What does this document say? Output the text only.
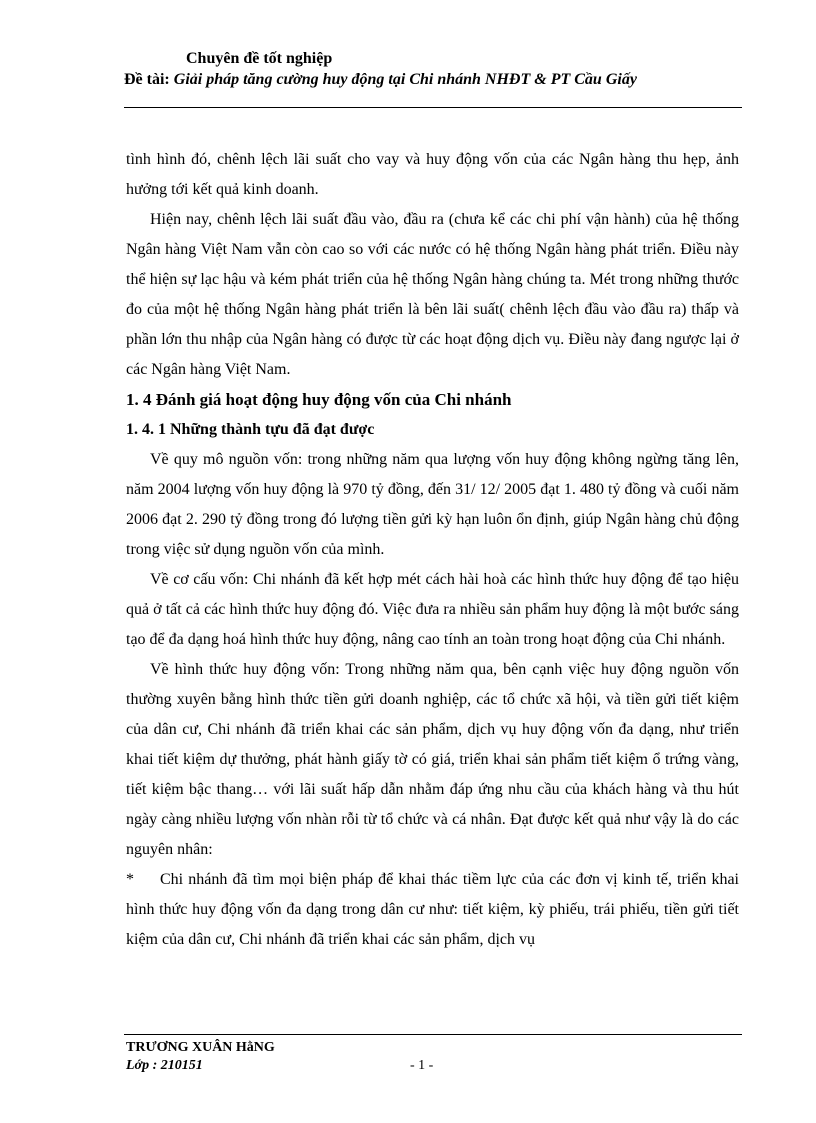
Chuyên đề tốt nghiệp
Đề tài: Giải pháp tăng cường huy động tại Chi nhánh NHĐT & PT Cầu Giấy

tình hình đó, chênh lệch lãi suất cho vay và huy động vốn của các Ngân hàng thu hẹp, ảnh hưởng tới kết quả kinh doanh.

Hiện nay, chênh lệch lãi suất đầu vào, đầu ra (chưa kể các chi phí vận hành) của hệ thống Ngân hàng Việt Nam vẫn còn cao so với các nước có hệ thống Ngân hàng phát triển. Điều này thể hiện sự lạc hậu và kém phát triển của hệ thống Ngân hàng chúng ta. Mét trong những thước đo của một hệ thống Ngân hàng phát triển là bên lãi suất( chênh lệch đầu vào đầu ra) thấp và phần lớn thu nhập của Ngân hàng có được từ các hoạt động dịch vụ. Điều này đang ngược lại ở các Ngân hàng Việt Nam.

1. 4 Đánh giá hoạt động huy động vốn của Chi nhánh

1. 4. 1 Những thành tựu đã đạt được

Về quy mô nguồn vốn: trong những năm qua lượng vốn huy động không ngừng tăng lên, năm 2004 lượng vốn huy động là 970 tỷ đồng, đến 31/ 12/ 2005 đạt 1. 480 tỷ đồng và cuối năm 2006 đạt 2. 290 tỷ đồng trong đó lượng tiền gửi kỳ hạn luôn ổn định, giúp Ngân hàng chủ động trong việc sử dụng nguồn vốn của mình.

Về cơ cấu vốn: Chi nhánh đã kết hợp mét cách hài hoà các hình thức huy động để tạo hiệu quả ở tất cả các hình thức huy động đó. Việc đưa ra nhiều sản phẩm huy động là một bước sáng tạo để đa dạng hoá hình thức huy động, nâng cao tính an toàn trong hoạt động của Chi nhánh.

Về hình thức huy động vốn: Trong những năm qua, bên cạnh việc huy động nguồn vốn thường xuyên bằng hình thức tiền gửi doanh nghiệp, các tổ chức xã hội, và tiền gửi tiết kiệm của dân cư, Chi nhánh đã triển khai các sản phẩm, dịch vụ huy động vốn đa dạng, như triển khai tiết kiệm dự thưởng, phát hành giấy tờ có giá, triển khai sản phẩm tiết kiệm ổ trứng vàng, tiết kiệm bậc thang… với lãi suất hấp dẫn nhằm đáp ứng nhu cầu của khách hàng và thu hút ngày càng nhiều lượng vốn nhàn rỗi từ tổ chức và cá nhân. Đạt được kết quả như vậy là do các nguyên nhân:

* Chi nhánh đã tìm mọi biện pháp để khai thác tiềm lực của các đơn vị kinh tế, triển khai hình thức huy động vốn đa dạng trong dân cư như: tiết kiệm, kỳ phiếu, trái phiếu, tiền gửi tiết kiệm của dân cư, Chi nhánh đã triển khai các sản phẩm, dịch vụ

TRƯƠNG XUÂN HằNG
Lớp : 210151	- 1 -
